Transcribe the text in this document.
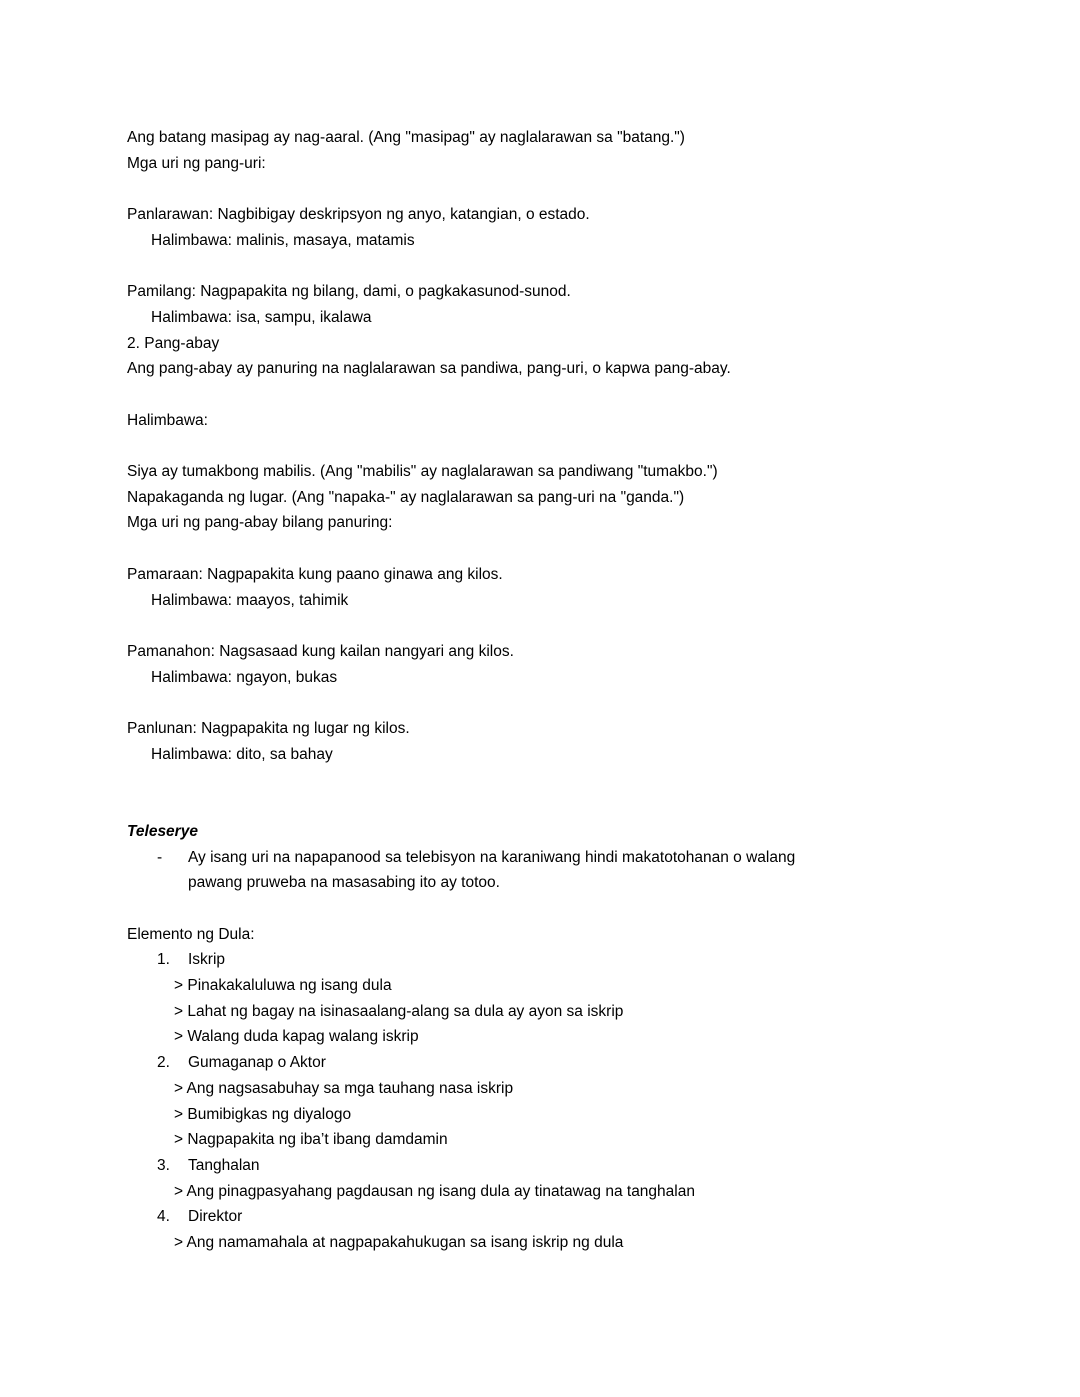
Ang batang masipag ay nag-aaral. (Ang "masipag" ay naglalarawan sa "batang.")
Mga uri ng pang-uri:
Panlarawan: Nagbibigay deskripsyon ng anyo, katangian, o estado.
Halimbawa: malinis, masaya, matamis
Pamilang: Nagpapakita ng bilang, dami, o pagkakasunod-sunod.
Halimbawa: isa, sampu, ikalawa
2. Pang-abay
Ang pang-abay ay panuring na naglalarawan sa pandiwa, pang-uri, o kapwa pang-abay.
Halimbawa:
Siya ay tumakbong mabilis. (Ang "mabilis" ay naglalarawan sa pandiwang "tumakbo.")
Napakaganda ng lugar. (Ang "napaka-" ay naglalarawan sa pang-uri na "ganda.")
Mga uri ng pang-abay bilang panuring:
Pamaraan: Nagpapakita kung paano ginawa ang kilos.
Halimbawa: maayos, tahimik
Pamanahon: Nagsasaad kung kailan nangyari ang kilos.
Halimbawa: ngayon, bukas
Panlunan: Nagpapakita ng lugar ng kilos.
Halimbawa: dito, sa bahay
Teleserye
-	Ay isang uri na napapanood sa telebisyon na karaniwang hindi makatotohanan o walang
pawang pruweba na masasabing ito ay totoo.
Elemento ng Dula:
1.	Iskrip
> Pinakakaluluwa ng isang dula
> Lahat ng bagay na isinasaalang-alang sa dula ay ayon sa iskrip
> Walang duda kapag walang iskrip
2.	Gumaganap o Aktor
> Ang nagsasabuhay sa mga tauhang nasa iskrip
> Bumibigkas ng diyalogo
> Nagpapakita ng iba’t ibang damdamin
3.	Tanghalan
> Ang pinagpasyahang pagdausan ng isang dula ay tinatawag na tanghalan
4.	Direktor
> Ang namamahala at nagpapakahukugan sa isang iskrip ng dula
